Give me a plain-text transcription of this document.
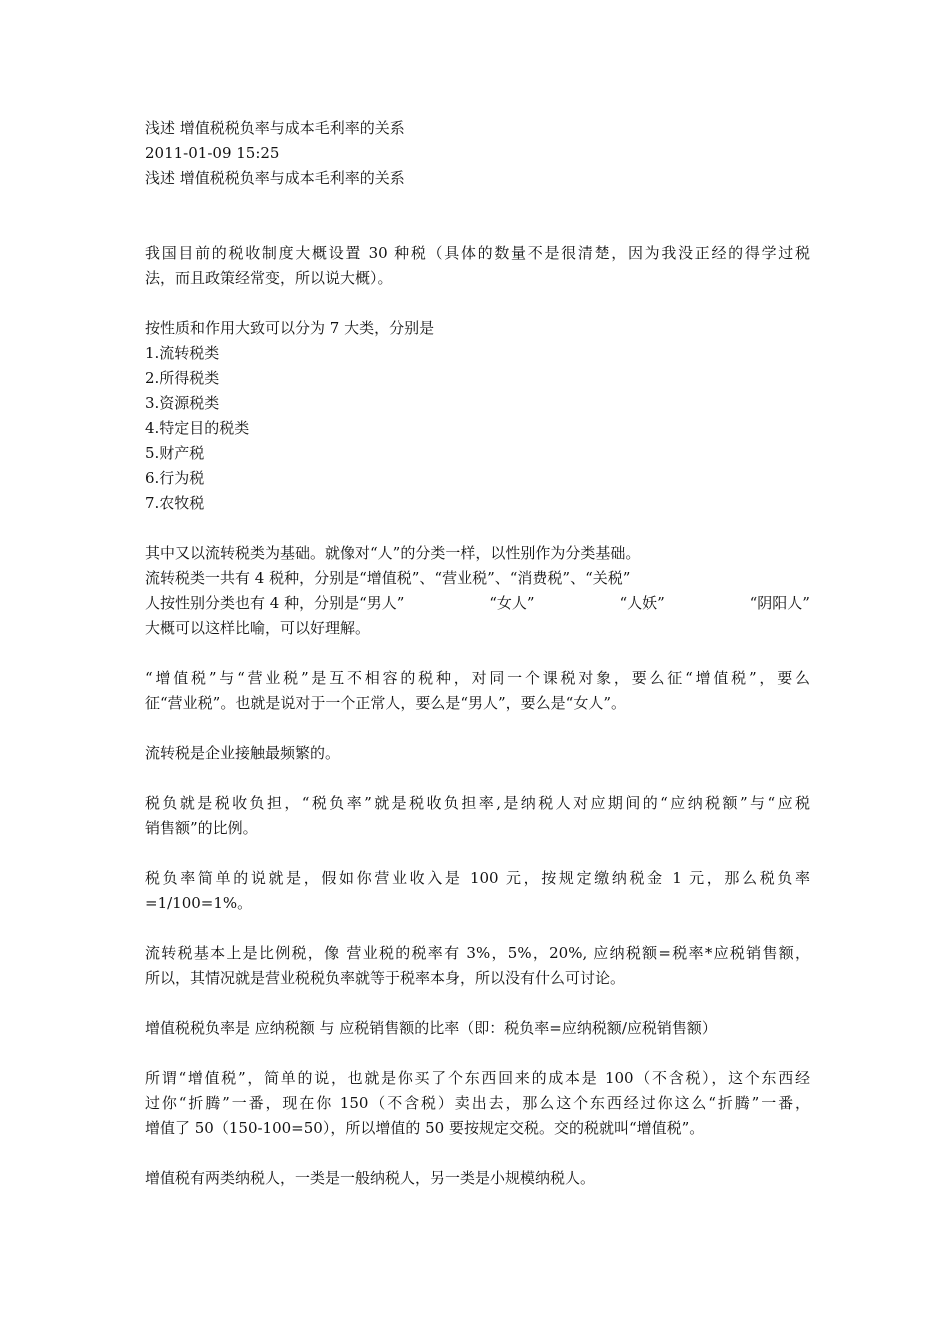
浅述 增值税税负率与成本毛利率的关系
2011-01-09 15:25
浅述 增值税税负率与成本毛利率的关系
我国目前的税收制度大概设置 30 种税（具体的数量不是很清楚，因为我没正经的得学过税
法，而且政策经常变，所以说大概）。
按性质和作用大致可以分为 7 大类，分别是
1.流转税类
2.所得税类
3.资源税类
4.特定目的税类
5.财产税
6.行为税
7.农牧税
其中又以流转税类为基础。就像对“人”的分类一样，以性别作为分类基础。
流转税类一共有 4 税种，分别是“增值税”、“营业税”、“消费税”、“关税”
人按性别分类也有 4 种，分别是“男人”	“女人”	“人妖”	“阴阳人”
大概可以这样比喻，可以好理解。
“增值税”与“营业税”是互不相容的税种，对同一个课税对象，要么征“增值税”，要么
征“营业税”。也就是说对于一个正常人，要么是“男人”，要么是“女人”。
流转税是企业接触最频繁的。
税负就是税收负担，“税负率”就是税收负担率,是纳税人对应期间的“应纳税额”与“应税
销售额”的比例。
税负率简单的说就是，假如你营业收入是 100 元，按规定缴纳税金 1 元，那么税负率
=1/100=1%。
流转税基本上是比例税，像 营业税的税率有 3%，5%，20%, 应纳税额=税率*应税销售额，
所以，其情况就是营业税税负率就等于税率本身，所以没有什么可讨论。
增值税税负率是 应纳税额 与 应税销售额的比率（即：税负率=应纳税额/应税销售额）
所谓“增值税”，简单的说，也就是你买了个东西回来的成本是 100（不含税），这个东西经
过你“折腾”一番，现在你 150（不含税）卖出去，那么这个东西经过你这么“折腾”一番，
增值了 50（150-100=50），所以增值的 50 要按规定交税。交的税就叫“增值税”。
增值税有两类纳税人，一类是一般纳税人，另一类是小规模纳税人。
